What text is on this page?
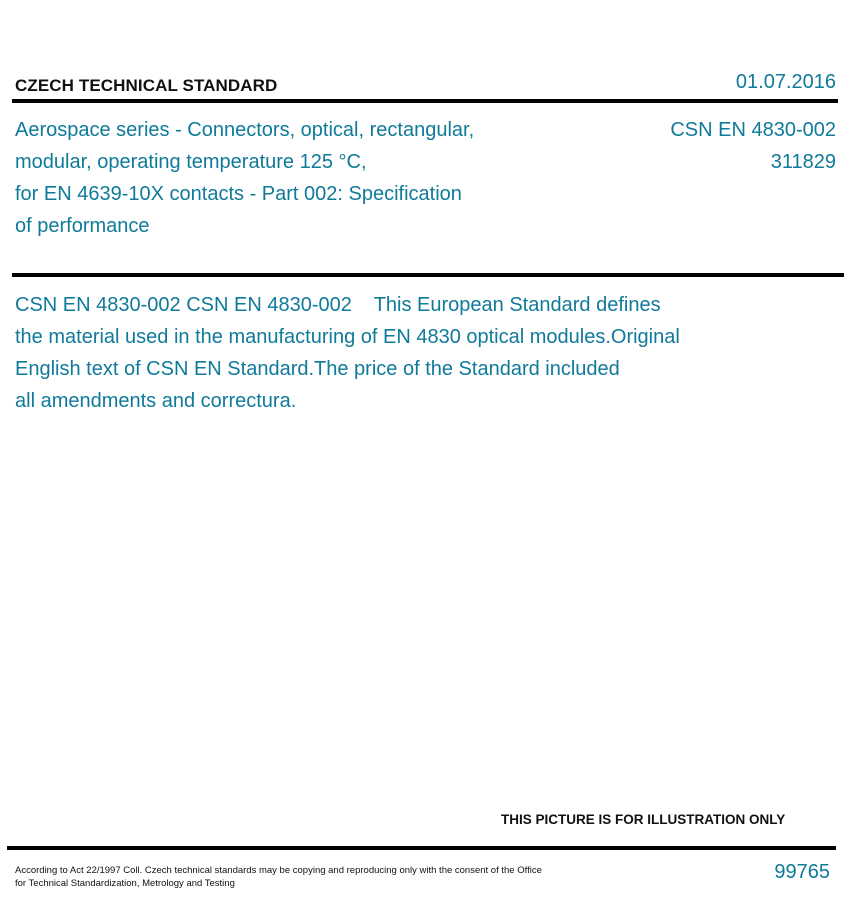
CZECH TECHNICAL STANDARD	01.07.2016
Aerospace series - Connectors, optical, rectangular,
modular, operating temperature 125 °C,
for EN 4639-10X contacts - Part 002: Specification
of performance
CSN EN 4830-002
311829
CSN EN 4830-002 CSN EN 4830-002    This European Standard defines
the material used in the manufacturing of EN 4830 optical modules.Original
English text of CSN EN Standard.The price of the Standard included
all amendments and correctura.
THIS PICTURE IS FOR ILLUSTRATION ONLY
According to Act 22/1997 Coll. Czech technical standards may be copying and reproducing only with the consent of the Office
for Technical Standardization, Metrology and Testing
99765
